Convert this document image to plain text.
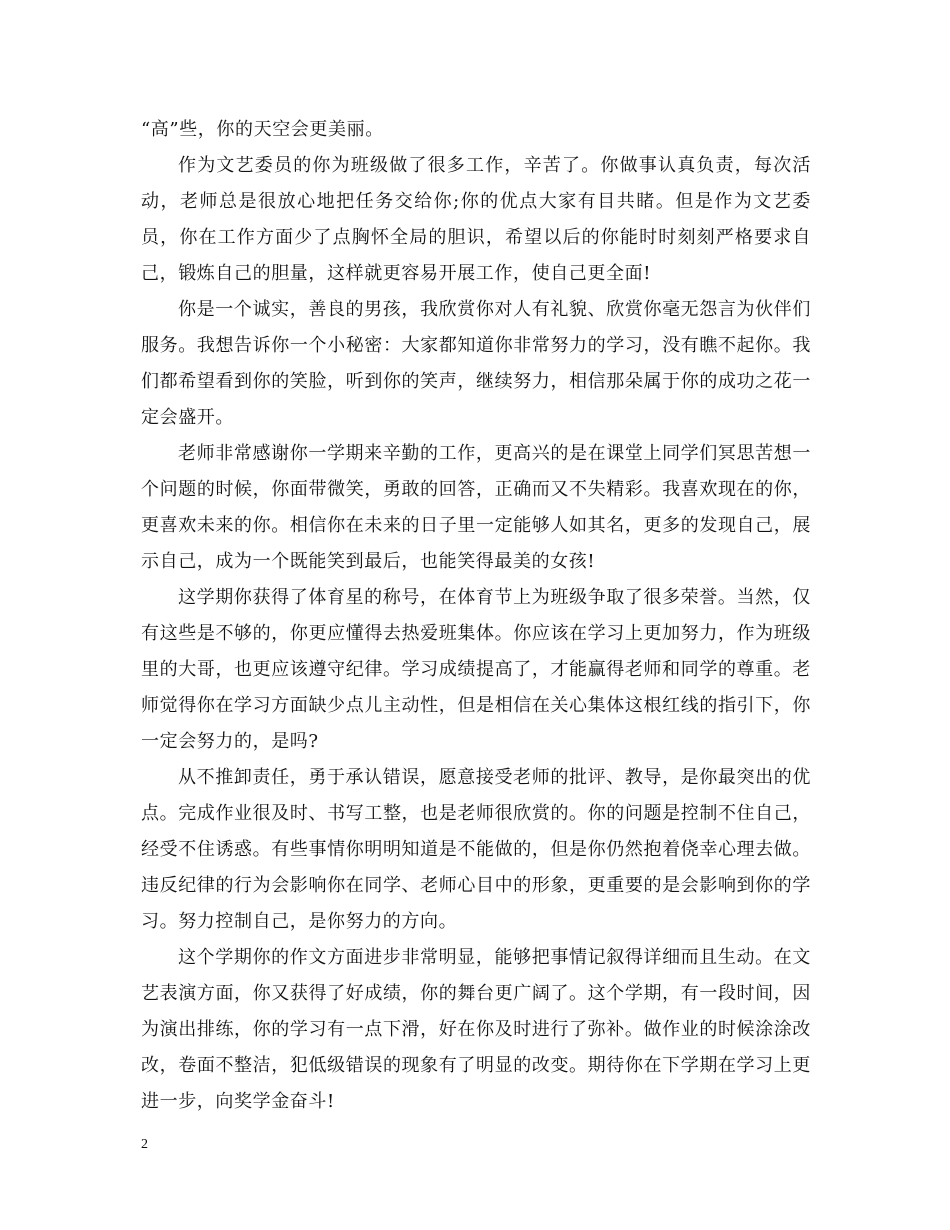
“高”些，你的天空会更美丽。

作为文艺委员的你为班级做了很多工作，辛苦了。你做事认真负责，每次活动，老师总是很放心地把任务交给你;你的优点大家有目共睹。但是作为文艺委员，你在工作方面少了点胸怀全局的胆识，希望以后的你能时时刻刻严格要求自己，锻炼自己的胆量，这样就更容易开展工作，使自己更全面!

你是一个诚实，善良的男孩，我欣赏你对人有礼貌、欣赏你毫无怨言为伙伴们服务。我想告诉你一个小秘密：大家都知道你非常努力的学习，没有瞧不起你。我们都希望看到你的笑脸，听到你的笑声，继续努力，相信那朵属于你的成功之花一定会盛开。

老师非常感谢你一学期来辛勤的工作，更高兴的是在课堂上同学们冥思苦想一个问题的时候，你面带微笑，勇敢的回答，正确而又不失精彩。我喜欢现在的你，更喜欢未来的你。相信你在未来的日子里一定能够人如其名，更多的发现自己，展示自己，成为一个既能笑到最后，也能笑得最美的女孩!

这学期你获得了体育星的称号，在体育节上为班级争取了很多荣誉。当然，仅有这些是不够的，你更应懂得去热爱班集体。你应该在学习上更加努力，作为班级里的大哥，也更应该遵守纪律。学习成绩提高了，才能赢得老师和同学的尊重。老师觉得你在学习方面缺少点儿主动性，但是相信在关心集体这根红线的指引下，你一定会努力的，是吗?

从不推卸责任，勇于承认错误，愿意接受老师的批评、教导，是你最突出的优点。完成作业很及时、书写工整，也是老师很欣赏的。你的问题是控制不住自己，经受不住诱惑。有些事情你明明知道是不能做的，但是你仍然抱着侥幸心理去做。违反纪律的行为会影响你在同学、老师心目中的形象，更重要的是会影响到你的学习。努力控制自己，是你努力的方向。

这个学期你的作文方面进步非常明显，能够把事情记叙得详细而且生动。在文艺表演方面，你又获得了好成绩，你的舞台更广阔了。这个学期，有一段时间，因为演出排练，你的学习有一点下滑，好在你及时进行了弥补。做作业的时候涂涂改改，卷面不整洁，犯低级错误的现象有了明显的改变。期待你在下学期在学习上更进一步，向奖学金奋斗!

2
